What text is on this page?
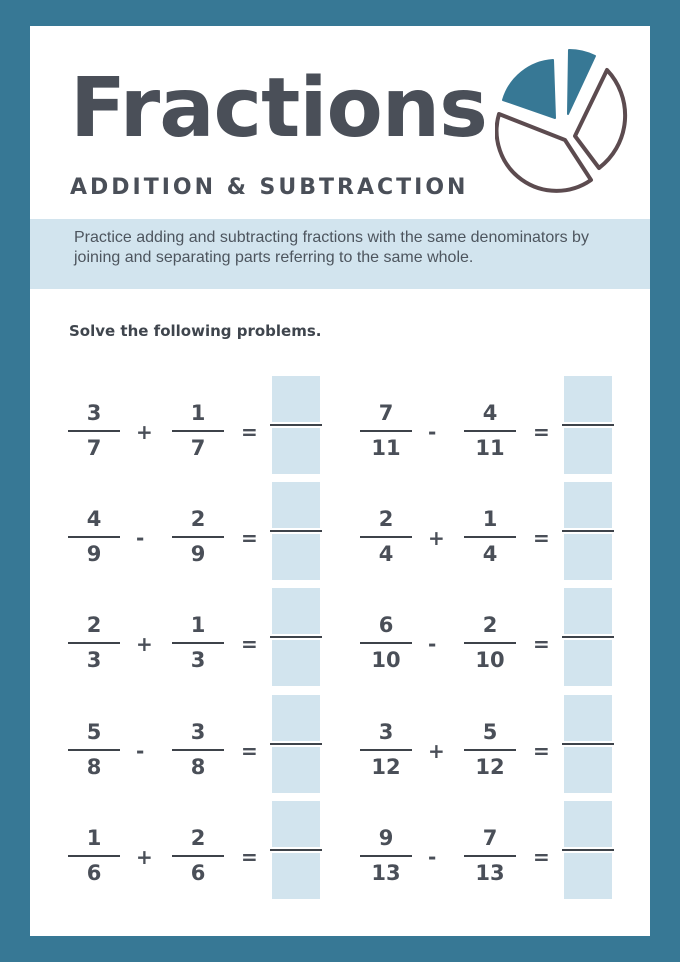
Fractions
ADDITION & SUBTRACTION
Practice adding and subtracting fractions with the same denominators by joining and separating parts referring to the same whole.
Solve the following problems.
3
7
+
1
7
=
7
11
-
4
11
=
4
9
-
2
9
=
2
4
+
1
4
=
2
3
+
1
3
=
6
10
-
2
10
=
5
8
-
3
8
=
3
12
+
5
12
=
1
6
+
2
6
=
9
13
-
7
13
=
